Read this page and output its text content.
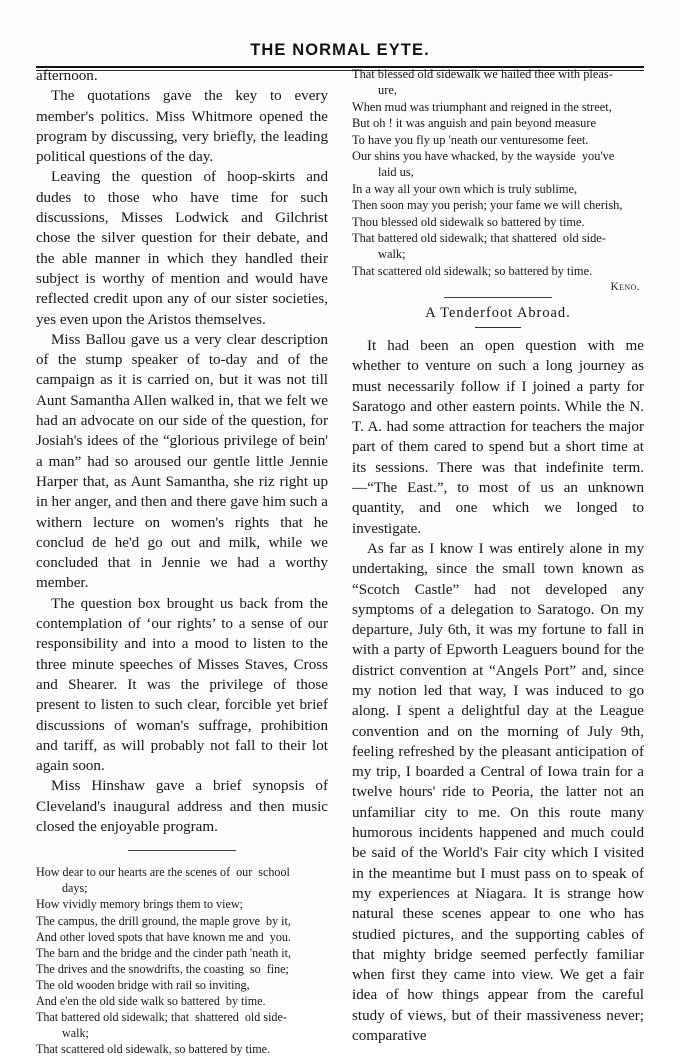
THE NORMAL EYTE.

afternoon.

The quotations gave the key to every member's politics. Miss Whitmore opened the program by discussing, very briefly, the leading political questions of the day.

Leaving the question of hoop-skirts and dudes to those who have time for such discussions, Misses Lodwick and Gilchrist chose the silver question for their debate, and the able manner in which they handled their subject is worthy of mention and would have reflected credit upon any of our sister societies, yes even upon the Aristos themselves.

Miss Ballou gave us a very clear description of the stump speaker of to-day and of the campaign as it is carried on, but it was not till Aunt Samantha Allen walked in, that we felt we had an advocate on our side of the question, for Josiah's idees of the “glorious privilege of bein' a man” had so aroused our gentle little Jennie Harper that, as Aunt Samantha, she riz right up in her anger, and then and there gave him such a withern lecture on women's rights that he conclud de he'd go out and milk, while we concluded that in Jennie we had a worthy member.

The question box brought us back from the contemplation of ‘our rights’ to a sense of our responsibility and into a mood to listen to the three minute speeches of Misses Staves, Cross and Shearer. It was the privilege of those present to listen to such clear, forcible yet brief discussions of woman's suffrage, prohibition and tariff, as will probably not fall to their lot again soon.

Miss Hinshaw gave a brief synopsis of Cleveland's inaugural address and then music closed the enjoyable program.

How dear to our hearts are the scenes of  our  school
days;
How vividly memory brings them to view;
The campus, the drill ground, the maple grove  by it,
And other loved spots that have known me and  you.
The barn and the bridge and the cinder path 'neath it,
The drives and the snowdrifts, the coasting  so  fine;
The old wooden bridge with rail so inviting,
And e'en the old side walk so battered  by time.
That battered old sidewalk; that  shattered  old side-
walk;
That scattered old sidewalk, so battered by time.
That blessed old sidewalk we hailed thee with pleas-
ure,
When mud was triumphant and reigned in the street,
But oh ! it was anguish and pain beyond measure
To have you fly up 'neath our venturesome feet.
Our shins you have whacked, by the wayside  you've
laid us,
In a way all your own which is truly sublime,
Then soon may you perish; your fame we will cherish,
Thou blessed old sidewalk so battered by time.
That battered old sidewalk; that shattered  old side-
walk;
That scattered old sidewalk; so battered by time.
Keno.
A Tenderfoot Abroad.

It had been an open question with me whether to venture on such a long journey as must necessarily follow if I joined a party for Saratogo and other eastern points. While the N. T. A. had some attraction for teachers the major part of them cared to spend but a short time at its sessions. There was that indefinite term.—“The East.”, to most of us an unknown quantity, and one which we longed to investigate.

As far as I know I was entirely alone in my undertaking, since the small town known as “Scotch Castle” had not developed any symptoms of a delegation to Saratogo. On my departure, July 6th, it was my fortune to fall in with a party of Epworth Leaguers bound for the district convention at “Angels Port” and, since my notion led that way, I was induced to go along. I spent a delightful day at the League convention and on the morning of July 9th, feeling refreshed by the pleasant anticipation of my trip, I boarded a Central of Iowa train for a twelve hours' ride to Peoria, the latter not an unfamiliar city to me. On this route many humorous incidents happened and much could be said of the World's Fair city which I visited in the meantime but I must pass on to speak of my experiences at Niagara. It is strange how natural these scenes appear to one who has studied pictures, and the supporting cables of that mighty bridge seemed perfectly familiar when first they came into view. We get a fair idea of how things appear from the careful study of views, but of their massiveness never; comparative
